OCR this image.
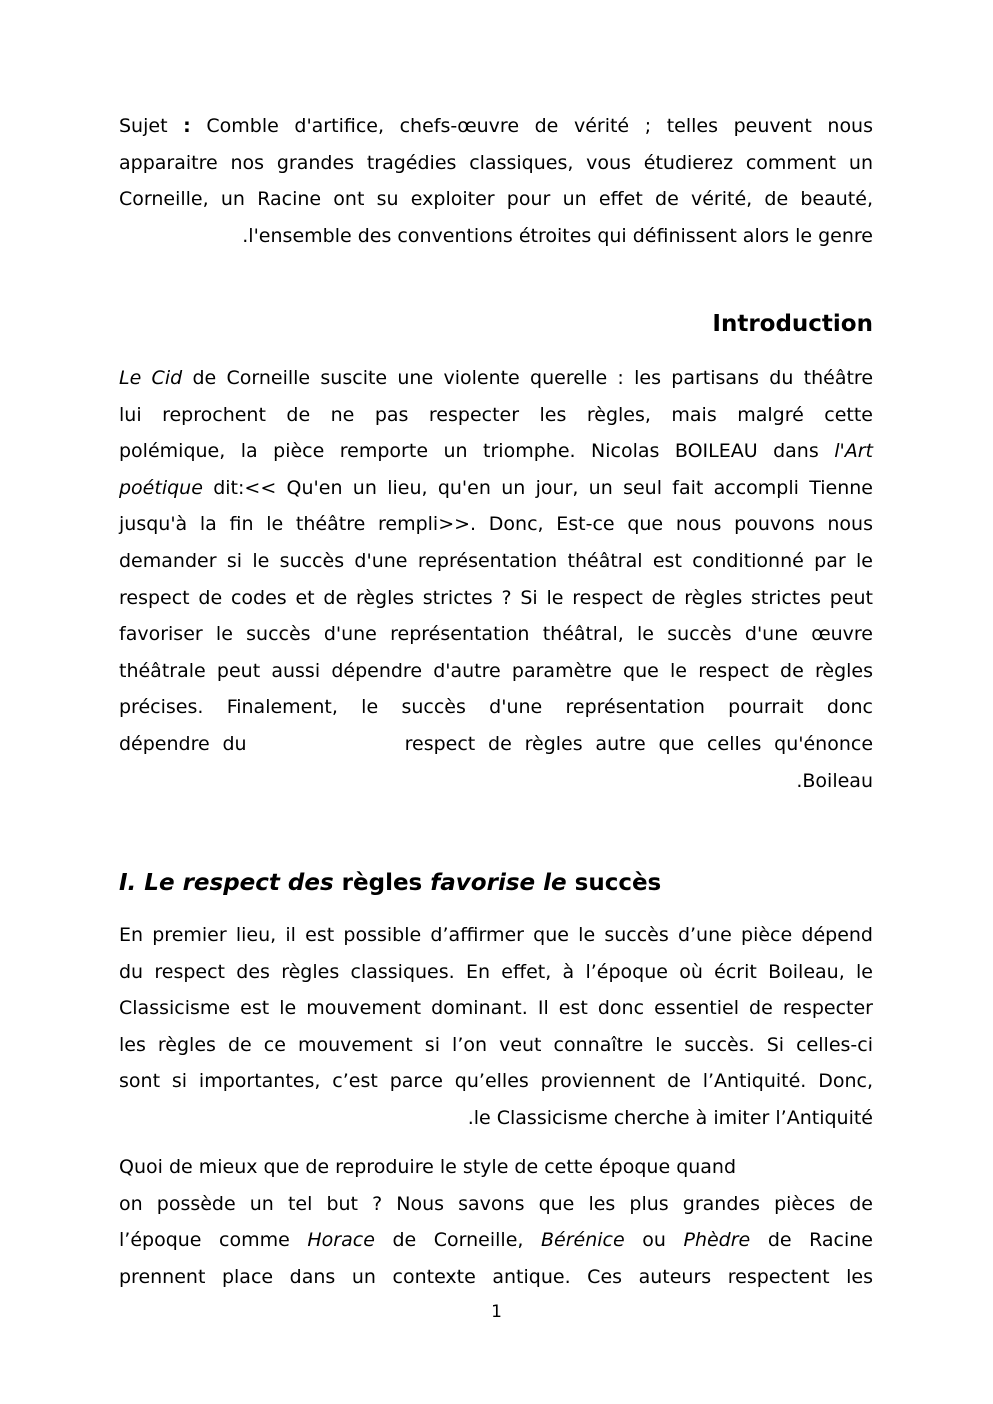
Sujet : Comble d'artifice, chefs-œuvre de vérité ; telles peuvent nous
apparaitre nos grandes tragédies classiques, vous étudierez comment un
Corneille, un Racine ont su exploiter pour un effet de vérité, de beauté,
.l'ensemble des conventions étroites qui définissent alors le genre
Introduction
Le Cid de Corneille suscite une violente querelle : les partisans du théâtre
lui reprochent de ne pas respecter les règles, mais malgré cette
polémique, la pièce remporte un triomphe. Nicolas BOILEAU dans l'Art
poétique dit:<< Qu'en un lieu, qu'en un jour, un seul fait accompli Tienne
jusqu'à la fin le théâtre rempli>>. Donc, Est-ce que nous pouvons nous
demander si le succès d'une représentation théâtral est conditionné par le
respect de codes et de règles strictes ? Si le respect de règles strictes peut
favoriser le succès d'une représentation théâtral, le succès d'une œuvre
théâtrale peut aussi dépendre d'autre paramètre que le respect de règles
précises. Finalement, le succès d'une représentation pourrait donc
dépendre du	respect de règles autre que celles qu'énonce
.Boileau
I. Le respect des règles favorise le succès
En premier lieu, il est possible d’affirmer que le succès d’une pièce dépend
du respect des règles classiques. En effet, à l’époque où écrit Boileau, le
Classicisme est le mouvement dominant. Il est donc essentiel de respecter
les règles de ce mouvement si l’on veut connaître le succès. Si celles-ci
sont si importantes, c’est parce qu’elles proviennent de l’Antiquité. Donc,
.le Classicisme cherche à imiter l’Antiquité
Quoi de mieux que de reproduire le style de cette époque quand
on possède un tel but ? Nous savons que les plus grandes pièces de
l’époque comme Horace de Corneille, Bérénice ou Phèdre de Racine
prennent place dans un contexte antique. Ces auteurs respectent les
1
